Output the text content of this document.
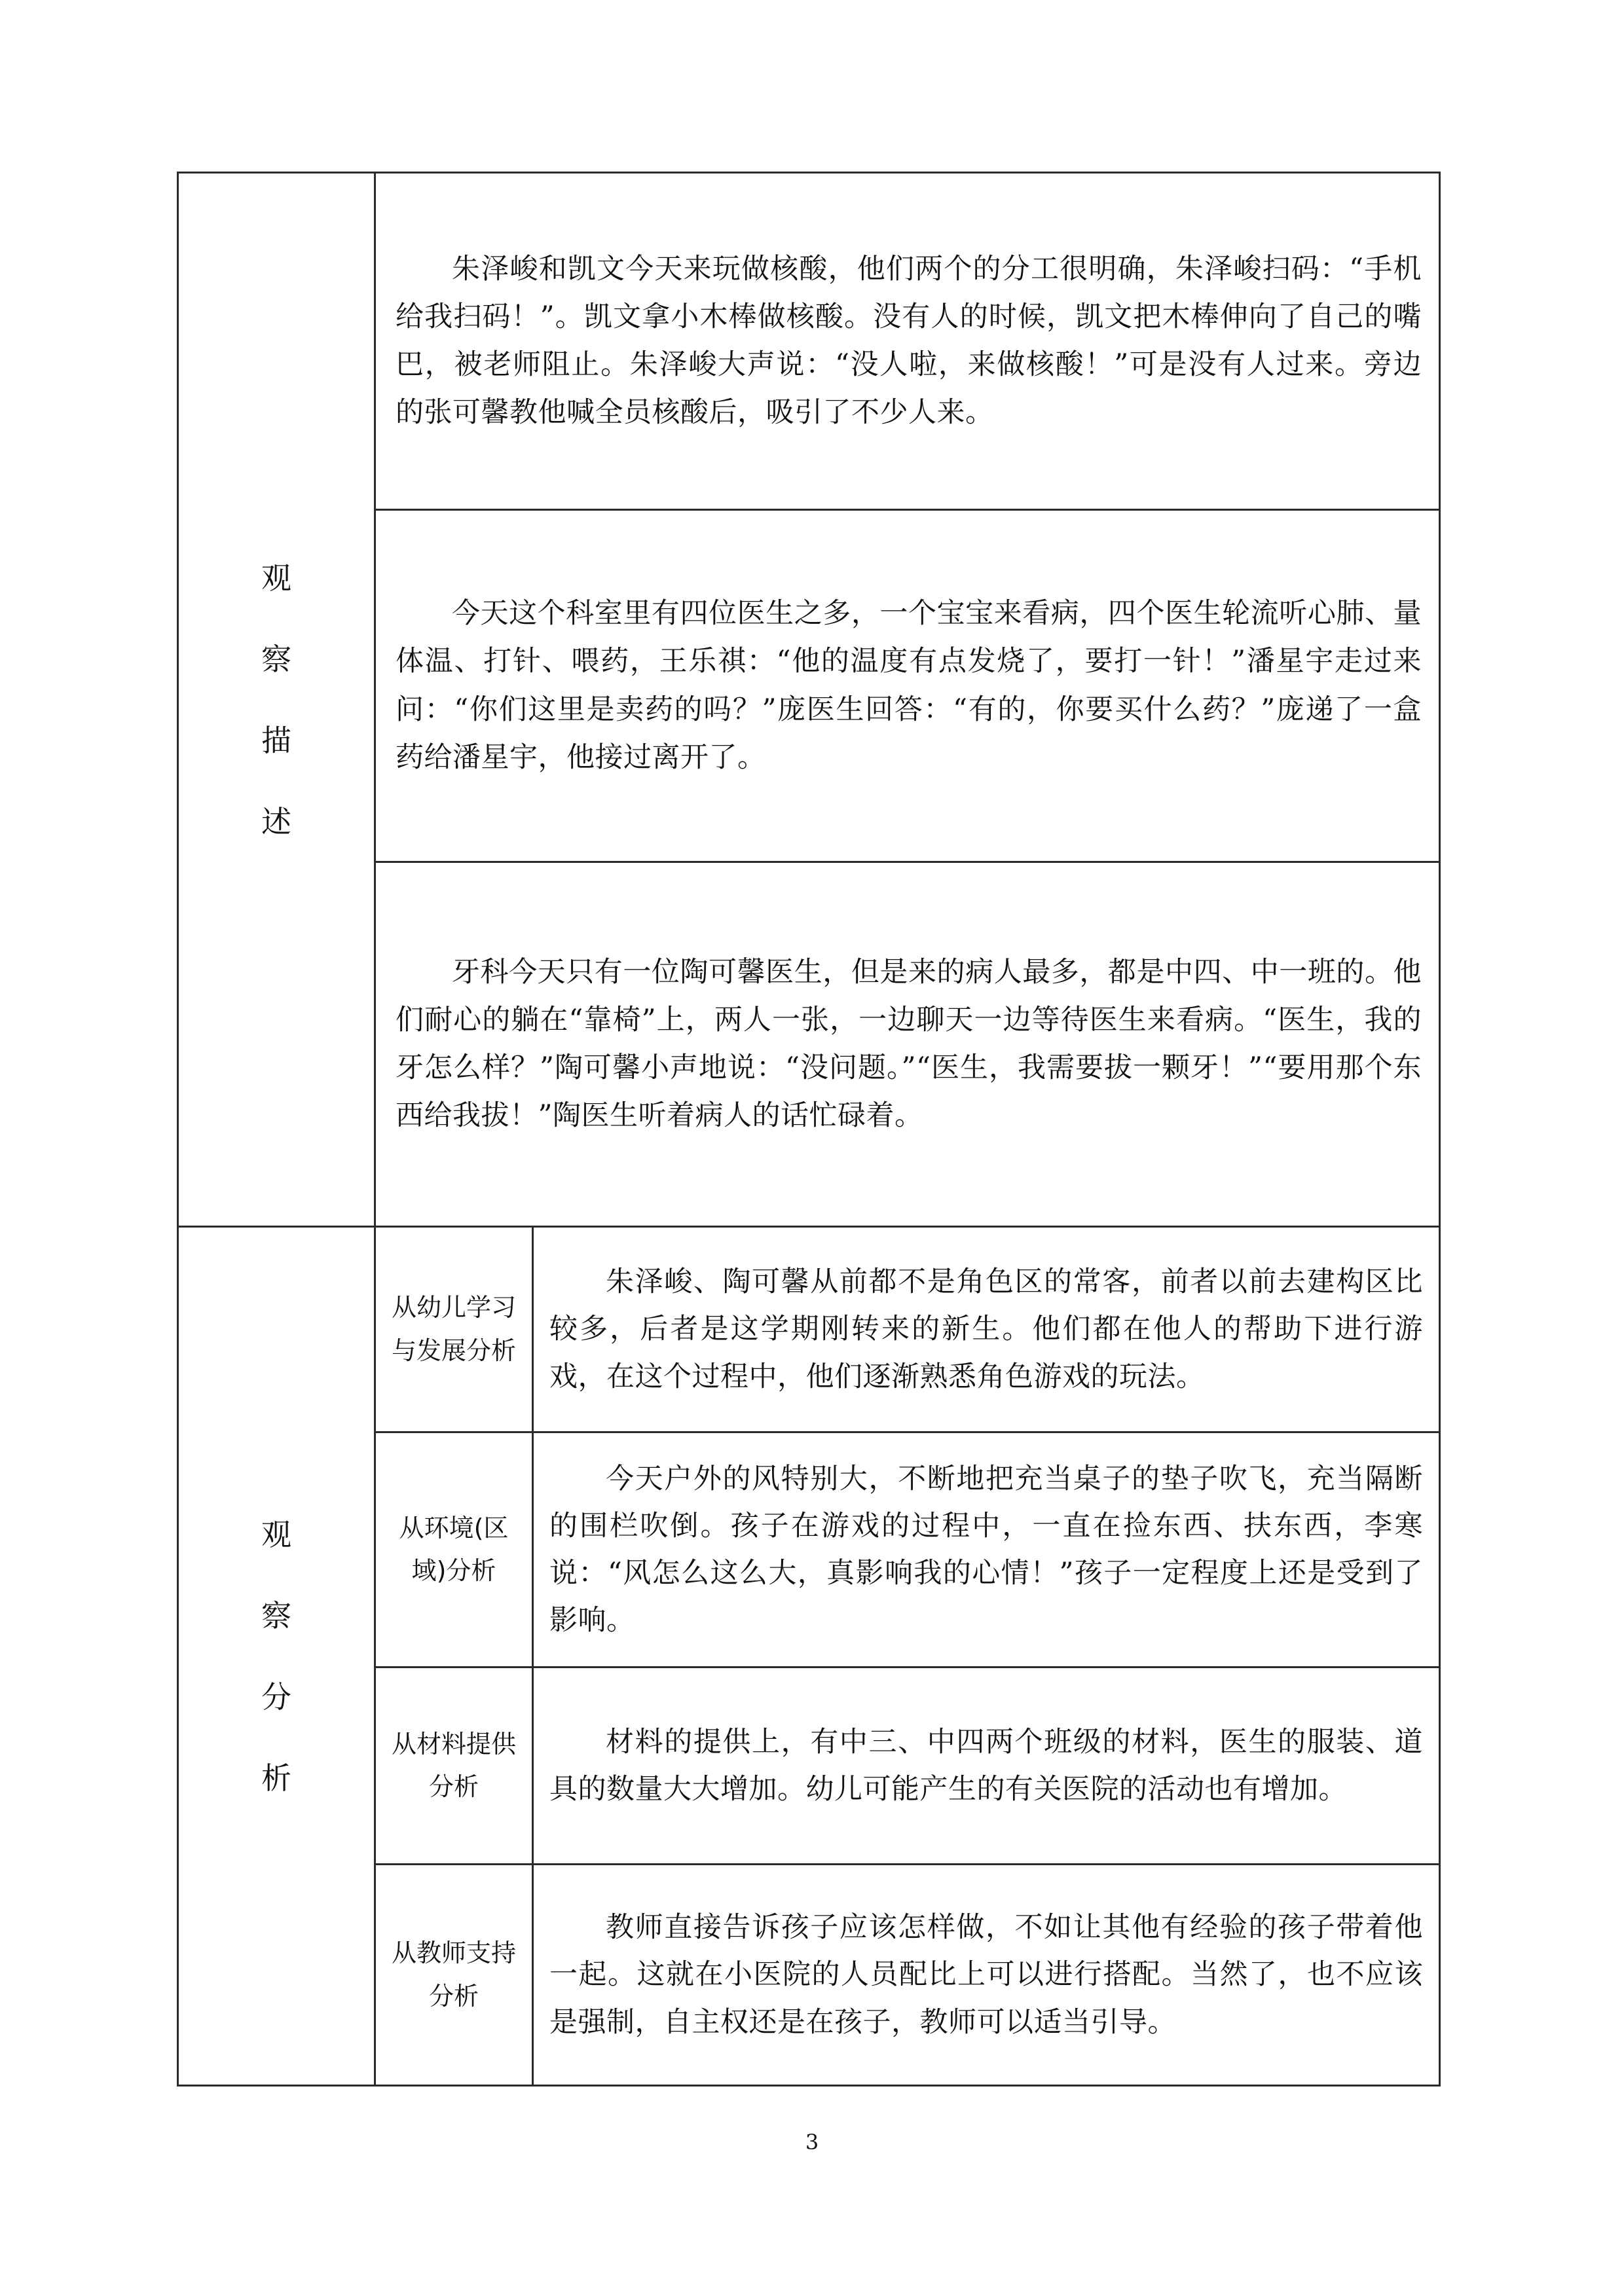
观
察
描
述	朱泽峻和凯文今天来玩做核酸，他们两个的分工很明确，朱泽峻扫码：“手机给我扫码！”。凯文拿小木棒做核酸。没有人的时候，凯文把木棒伸向了自己的嘴巴，被老师阻止。朱泽峻大声说：“没人啦，来做核酸！”可是没有人过来。旁边的张可馨教他喊全员核酸后，吸引了不少人来。	

	今天这个科室里有四位医生之多，一个宝宝来看病，四个医生轮流听心肺、量体温、打针、喂药，王乐祺：“他的温度有点发烧了，要打一针！”潘星宇走过来问：“你们这里是卖药的吗？”庞医生回答：“有的，你要买什么药？”庞递了一盒药给潘星宇，他接过离开了。	

	牙科今天只有一位陶可馨医生，但是来的病人最多，都是中四、中一班的。他们耐心的躺在“靠椅”上，两人一张，一边聊天一边等待医生来看病。“医生，我的牙怎么样？”陶可馨小声地说：“没问题。”“医生，我需要拔一颗牙！”“要用那个东西给我拔！”陶医生听着病人的话忙碌着。	

观
察
分
析	从幼儿学习与发展分析	朱泽峻、陶可馨从前都不是角色区的常客，前者以前去建构区比较多，后者是这学期刚转来的新生。他们都在他人的帮助下进行游戏，在这个过程中，他们逐渐熟悉角色游戏的玩法。

	从环境(区域)分析	今天户外的风特别大，不断地把充当桌子的垫子吹飞，充当隔断的围栏吹倒。孩子在游戏的过程中，一直在捡东西、扶东西，李寒说：“风怎么这么大，真影响我的心情！”孩子一定程度上还是受到了影响。

	从材料提供分析	材料的提供上，有中三、中四两个班级的材料，医生的服装、道具的数量大大增加。幼儿可能产生的有关医院的活动也有增加。

	从教师支持分析	教师直接告诉孩子应该怎样做，不如让其他有经验的孩子带着他一起。这就在小医院的人员配比上可以进行搭配。当然了，也不应该是强制，自主权还是在孩子，教师可以适当引导。

3
